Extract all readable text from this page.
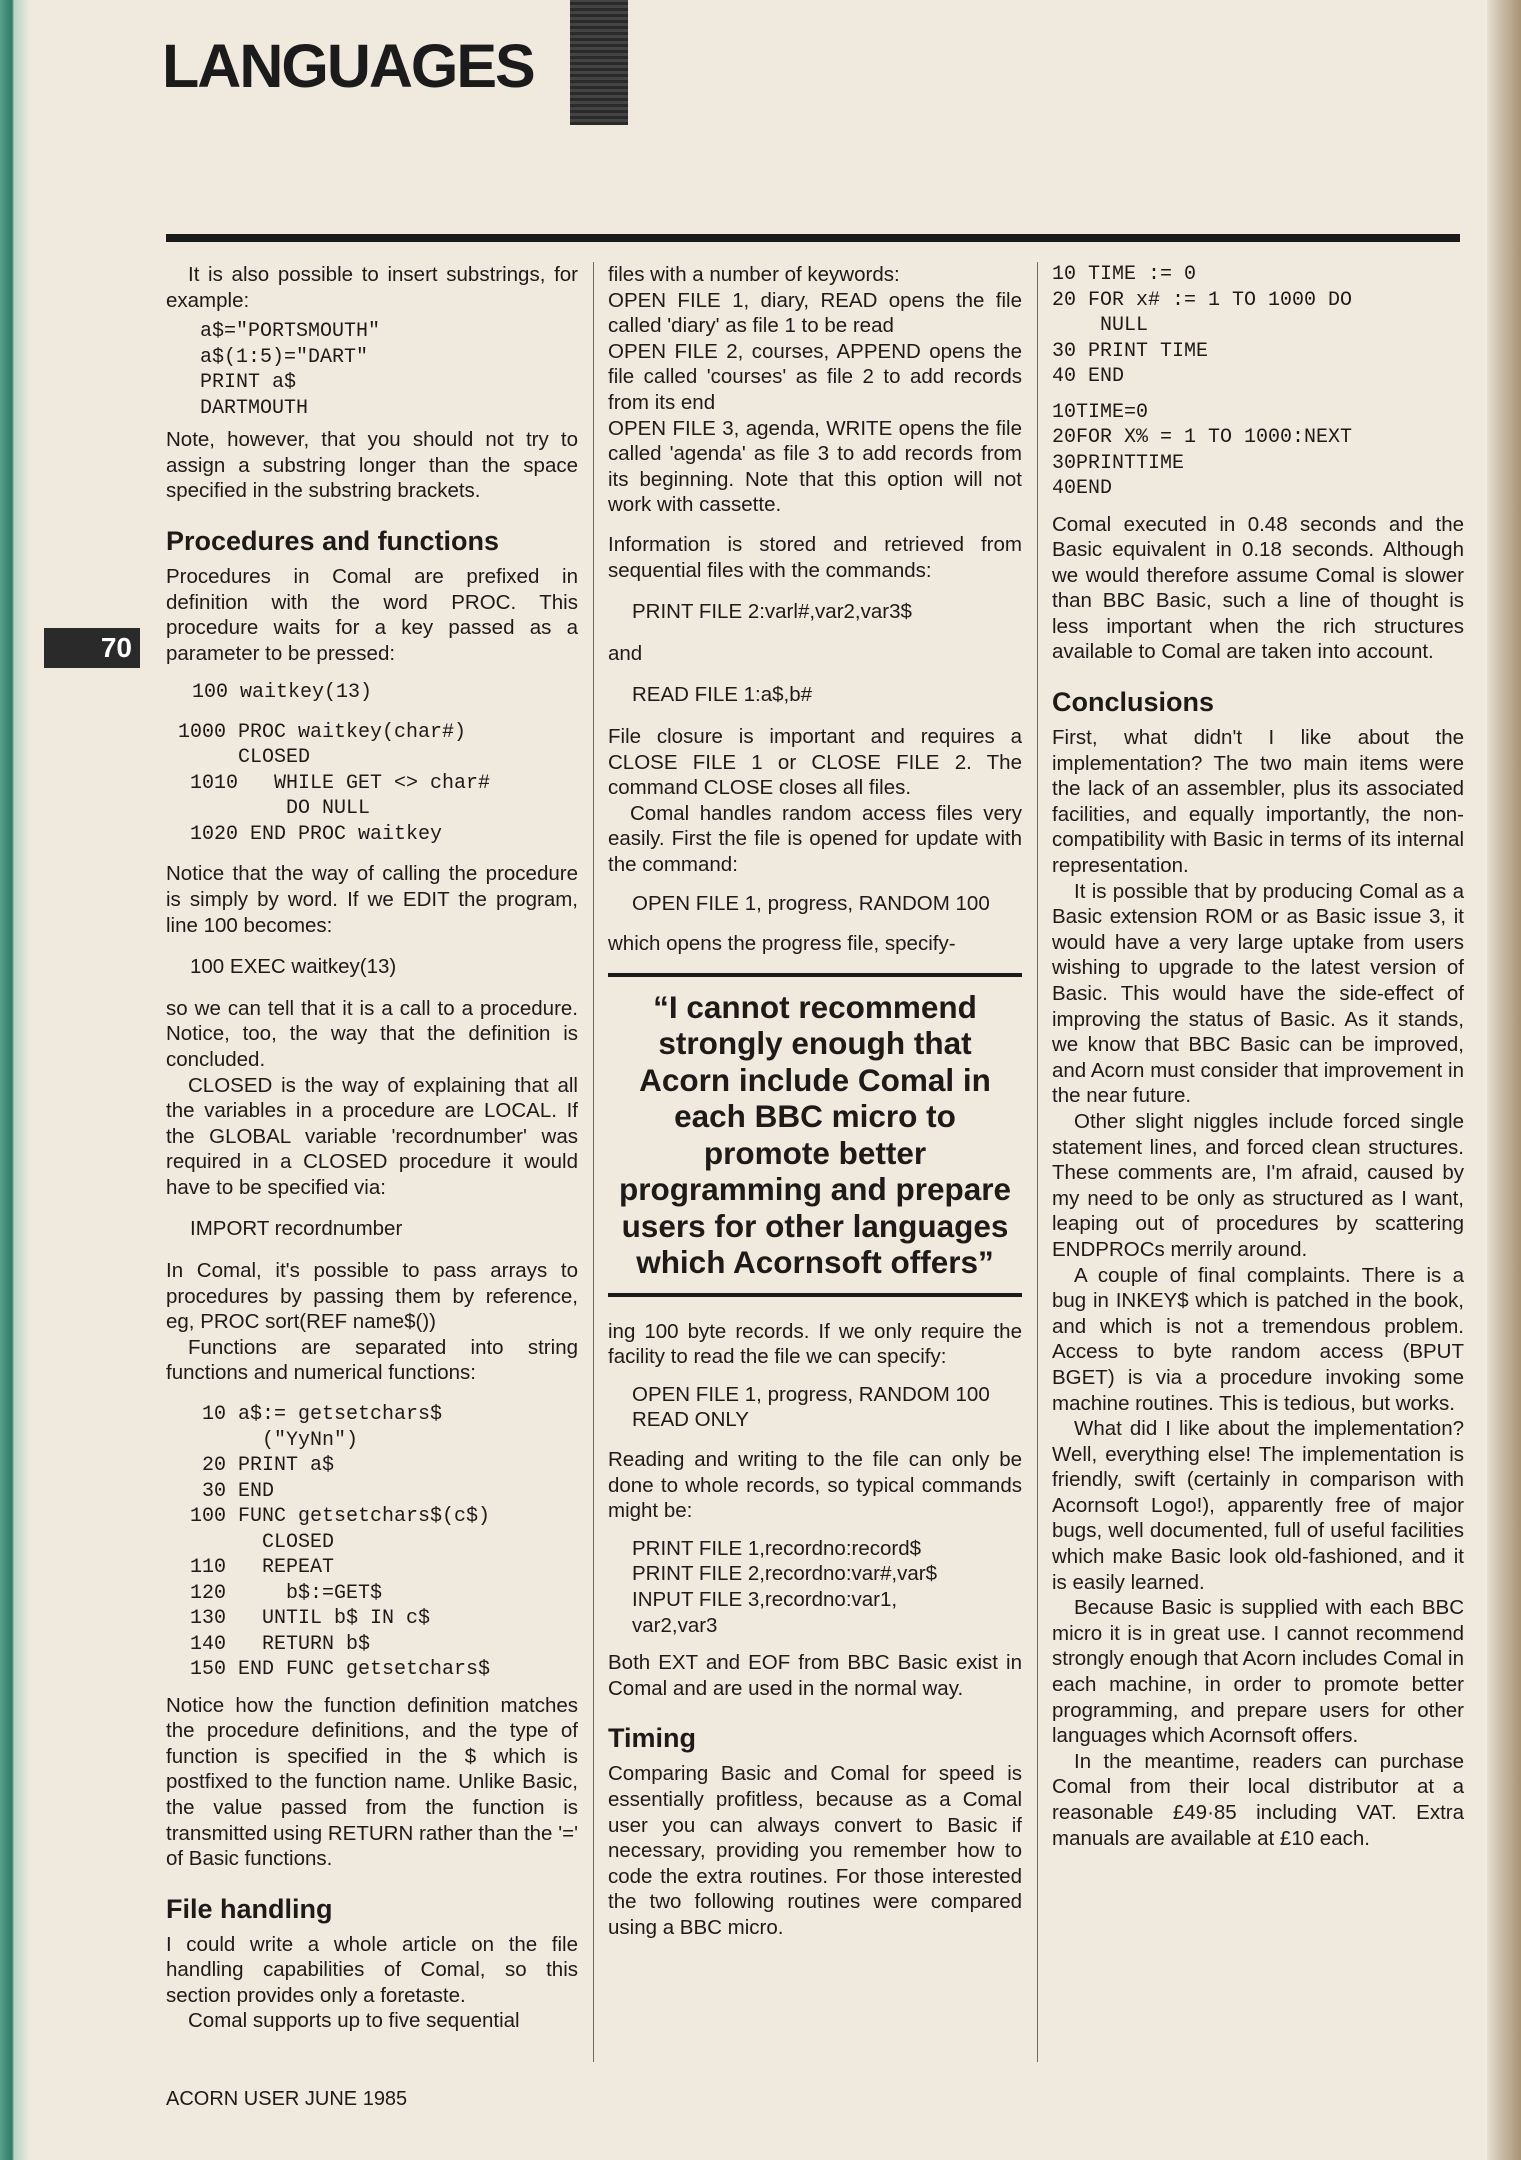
LANGUAGES
70

It is also possible to insert substrings, for example:

a$="PORTSMOUTH"
a$(1:5)="DART"
PRINT a$
DARTMOUTH

Note, however, that you should not try to assign a substring longer than the space specified in the substring brackets.

Procedures and functions

Procedures in Comal are prefixed in definition with the word PROC. This procedure waits for a key passed as a parameter to be pressed:

100 waitkey(13)
1000 PROC waitkey(char#)
CLOSED
1010   WHILE GET <> char#
DO NULL
1020 END PROC waitkey

Notice that the way of calling the procedure is simply by word. If we EDIT the program, line 100 becomes:

100 EXEC waitkey(13)

so we can tell that it is a call to a procedure. Notice, too, the way that the definition is concluded.

CLOSED is the way of explaining that all the variables in a procedure are LOCAL. If the GLOBAL variable 'recordnumber' was required in a CLOSED procedure it would have to be specified via:

IMPORT recordnumber

In Comal, it's possible to pass arrays to procedures by passing them by reference, eg, PROC sort(REF name$())

Functions are separated into string functions and numerical functions:

10 a$:= getsetchars$
("YyNn")
20 PRINT a$
30 END
100 FUNC getsetchars$(c$)
CLOSED
110   REPEAT
120     b$:=GET$
130   UNTIL b$ IN c$
140   RETURN b$
150 END FUNC getsetchars$

Notice how the function definition matches the procedure definitions, and the type of function is specified in the $ which is postfixed to the function name. Unlike Basic, the value passed from the function is transmitted using RETURN rather than the '=' of Basic functions.

File handling

I could write a whole article on the file handling capabilities of Comal, so this section provides only a foretaste.

Comal supports up to five sequential

files with a number of keywords:

OPEN FILE 1, diary, READ opens the file called 'diary' as file 1 to be read

OPEN FILE 2, courses, APPEND opens the file called 'courses' as file 2 to add records from its end

OPEN FILE 3, agenda, WRITE opens the file called 'agenda' as file 3 to add records from its beginning. Note that this option will not work with cassette.

Information is stored and retrieved from sequential files with the commands:

PRINT FILE 2:varl#,var2,var3$

and

READ FILE 1:a$,b#

File closure is important and requires a CLOSE FILE 1 or CLOSE FILE 2. The command CLOSE closes all files.

Comal handles random access files very easily. First the file is opened for update with the command:

OPEN FILE 1, progress, RANDOM 100

which opens the progress file, specify-

“I cannot recommend strongly enough that Acorn include Comal in each BBC micro to promote better programming and prepare users for other languages which Acornsoft offers”

ing 100 byte records. If we only require the facility to read the file we can specify:

OPEN FILE 1, progress, RANDOM 100 READ ONLY

Reading and writing to the file can only be done to whole records, so typical commands might be:

PRINT FILE 1,recordno:record$
PRINT FILE 2,recordno:var#,var$
INPUT FILE 3,recordno:var1,
var2,var3

Both EXT and EOF from BBC Basic exist in Comal and are used in the normal way.

Timing

Comparing Basic and Comal for speed is essentially profitless, because as a Comal user you can always convert to Basic if necessary, providing you remember how to code the extra routines. For those interested the two following routines were compared using a BBC micro.

10 TIME := 0
20 FOR x# := 1 TO 1000 DO
NULL
30 PRINT TIME
40 END
10TIME=0
20FOR X% = 1 TO 1000:NEXT
30PRINTTIME
40END

Comal executed in 0.48 seconds and the Basic equivalent in 0.18 seconds. Although we would therefore assume Comal is slower than BBC Basic, such a line of thought is less important when the rich structures available to Comal are taken into account.

Conclusions

First, what didn't I like about the implementation? The two main items were the lack of an assembler, plus its associated facilities, and equally importantly, the non-compatibility with Basic in terms of its internal representation.

It is possible that by producing Comal as a Basic extension ROM or as Basic issue 3, it would have a very large uptake from users wishing to upgrade to the latest version of Basic. This would have the side-effect of improving the status of Basic. As it stands, we know that BBC Basic can be improved, and Acorn must consider that improvement in the near future.

Other slight niggles include forced single statement lines, and forced clean structures. These comments are, I'm afraid, caused by my need to be only as structured as I want, leaping out of procedures by scattering ENDPROCs merrily around.

A couple of final complaints. There is a bug in INKEY$ which is patched in the book, and which is not a tremendous problem. Access to byte random access (BPUT BGET) is via a procedure invoking some machine routines. This is tedious, but works.

What did I like about the implementation? Well, everything else! The implementation is friendly, swift (certainly in comparison with Acornsoft Logo!), apparently free of major bugs, well documented, full of useful facilities which make Basic look old-fashioned, and it is easily learned.

Because Basic is supplied with each BBC micro it is in great use. I cannot recommend strongly enough that Acorn includes Comal in each machine, in order to promote better programming, and prepare users for other languages which Acornsoft offers.

In the meantime, readers can purchase Comal from their local distributor at a reasonable £49·85 including VAT. Extra manuals are available at £10 each.

ACORN USER JUNE 1985
